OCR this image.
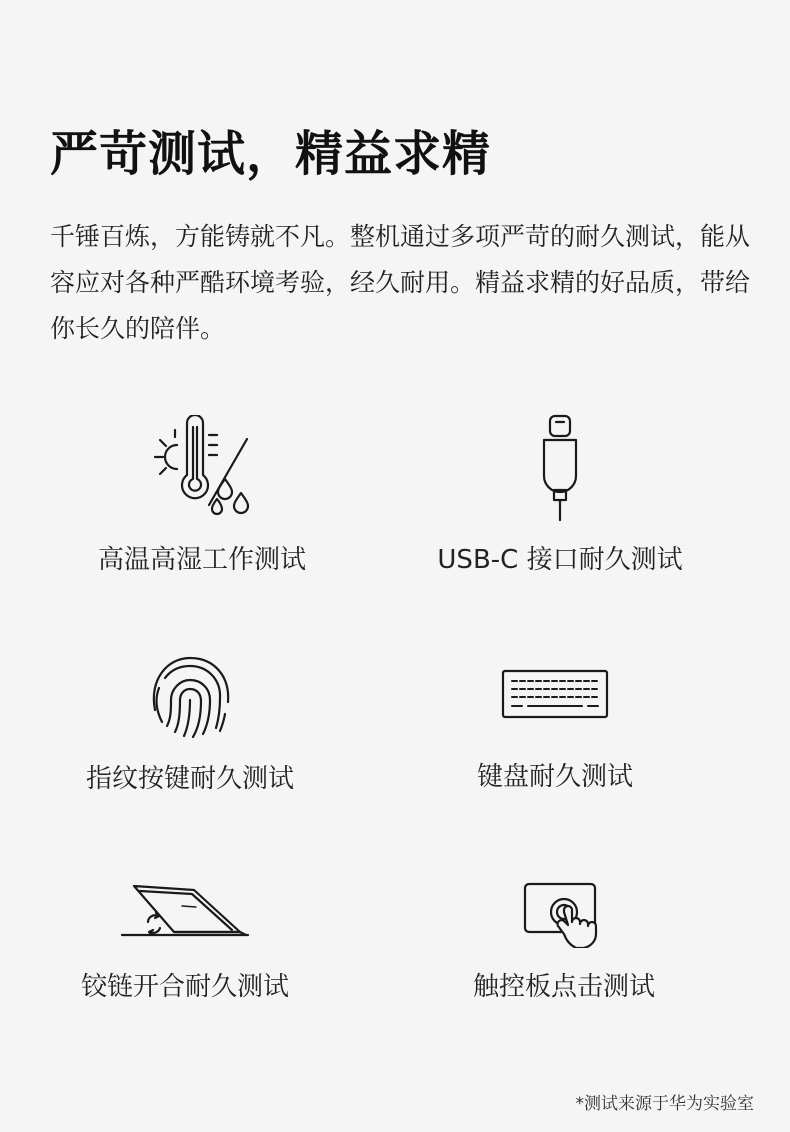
严苛测试，精益求精

千锤百炼，方能铸就不凡。整机通过多项严苛的耐久测试，能从容应对各种严酷环境考验，经久耐用。精益求精的好品质，带给你长久的陪伴。

高温高湿工作测试	USB-C 接口耐久测试
指纹按键耐久测试	键盘耐久测试
铰链开合耐久测试	触控板点击测试
*测试来源于华为实验室
